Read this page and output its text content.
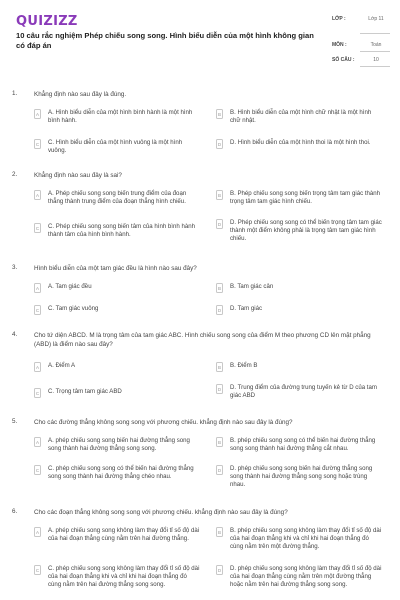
QUIZIZZ
10 câu rắc nghiệm Phép chiếu song song. Hình biểu diễn của một hình không gian có đáp án
LỚP :	Lớp 11
MÔN :	Toán
SỐ CÂU :	10
1.	Khẳng định nào sau đây là đúng.
A	A. Hình biểu diễn của một hình bình hành là một hình bình hành.
B	B. Hình biểu diễn của một hình chữ nhật là một hình chữ nhật.
C	C. Hình biểu diễn của một hình vuông là một hình vuông.
D	D. Hình biểu diễn của một hình thoi là một hình thoi.
2.	Khẳng định nào sau đây là sai?
A	A. Phép chiếu song song biến trung điểm của đoạn thẳng thành trung điểm của đoạn thẳng hình chiếu.
B	B. Phép chiếu song song biến trọng tâm tam giác thành trọng tâm tam giác hình chiếu.
C	C. Phép chiếu song song biến tâm của hình bình hành thành tâm của hình bình hành.
D	D. Phép chiếu song song có thể biến trọng tâm tam giác thành một điểm không phải là trọng tâm tam giác hình chiếu.
3.	Hình biểu diễn của một tam giác đều là hình nào sau đây?
A	A. Tam giác đều	B	B. Tam giác cân
C	C. Tam giác vuông	D	D. Tam giác
4.	Cho tứ diện ABCD. M là trọng tâm của tam giác ABC. Hình chiếu song song của điểm M theo phương CD lên mặt phẳng (ABD) là điểm nào sau đây?
A	A. Điểm A	B	B. Điểm B
C	C. Trọng tâm tam giác ABD	D	D. Trung điểm của đường trung tuyến kẻ từ D của tam giác ABD
5.	Cho các đường thẳng không song song với phương chiếu. khẳng định nào sau đây là đúng?
A	A. phép chiếu song song biến hai đường thẳng song song thành hai đường thẳng song song.
B	B. phép chiếu song song có thể biến hai đường thẳng song song thành hai đường thẳng cắt nhau.
C	C. phép chiếu song song có thể biến hai đường thẳng song song thành hai đường thẳng chéo nhau.
D	D. phép chiếu song song biến hai đường thẳng song song thành hai đường thẳng song song hoặc trùng nhau.
6.	Cho các đoạn thẳng không song song với phương chiếu. khẳng định nào sau đây là đúng?
A	A. phép chiếu song song không làm thay đổi tỉ số độ dài của hai đoạn thẳng cùng nằm trên hai đường thẳng.
B	B. phép chiếu song song không làm thay đổi tỉ số độ dài của hai đoạn thẳng khi và chỉ khi hai đoạn thẳng đó cùng nằm trên một đường thẳng.
C	C. phép chiếu song song không làm thay đổi tỉ số độ dài của hai đoạn thẳng khi và chỉ khi hai đoạn thẳng đó cùng nằm trên hai đường thẳng song song.
D	D. phép chiếu song song không làm thay đổi tỉ số độ dài của hai đoạn thẳng cùng nằm trên một đường thẳng hoặc nằm trên hai đường thẳng song song.
